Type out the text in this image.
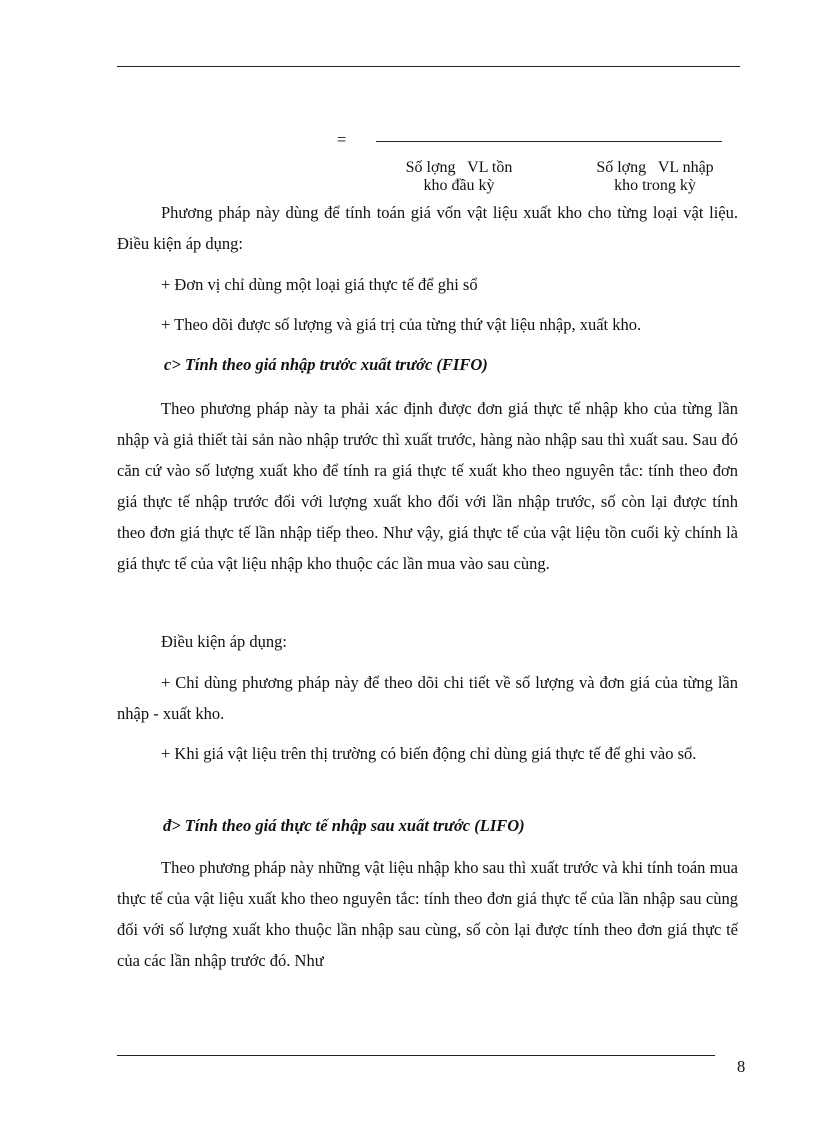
=
Số lợng   VL tồn
kho đầu kỳ
Số lợng   VL nhập
kho trong kỳ
Phương pháp này dùng để tính toán giá vốn vật liệu xuất kho cho từng loại vật liệu. Điều kiện áp dụng:
+ Đơn vị chỉ dùng một loại giá thực tế để ghi sổ
+ Theo dõi được số lượng và giá trị của từng thứ vật liệu nhập, xuất kho.
c> Tính theo giá nhập trước xuất trước (FIFO)
Theo phương pháp này ta phải xác định được đơn giá thực tế nhập kho của từng lần nhập và giả thiết tài sản nào nhập trước thì xuất trước, hàng nào nhập sau thì xuất sau. Sau đó căn cứ vào số lượng xuất kho để tính ra giá thực tế xuất kho theo nguyên tắc: tính theo đơn giá thực tế nhập trước đối với lượng xuất kho đối với lần nhập trước, số còn lại được tính theo đơn giá thực tế lần nhập tiếp theo. Như vậy, giá thực tế của vật liệu tồn cuối kỳ chính là giá thực tế của vật liệu nhập kho thuộc các lần mua vào sau cùng.
Điều kiện áp dụng:
+ Chỉ dùng phương pháp này để theo dõi chi tiết về số lượng và đơn giá của từng lần nhập - xuất kho.
+ Khi giá vật liệu trên thị trường có biến động chỉ dùng giá thực tế để ghi vào sổ.
đ> Tính theo giá thực tế nhập sau xuất trước (LIFO)
Theo phương pháp này những vật liệu nhập kho sau thì xuất trước và khi tính toán mua thực tế của vật liệu xuất kho theo nguyên tắc: tính theo đơn giá thực tế của lần nhập sau cùng đối với số lượng xuất kho thuộc lần nhập sau cùng, số còn lại được tính theo đơn giá thực tế của các lần nhập trước đó. Như
8
